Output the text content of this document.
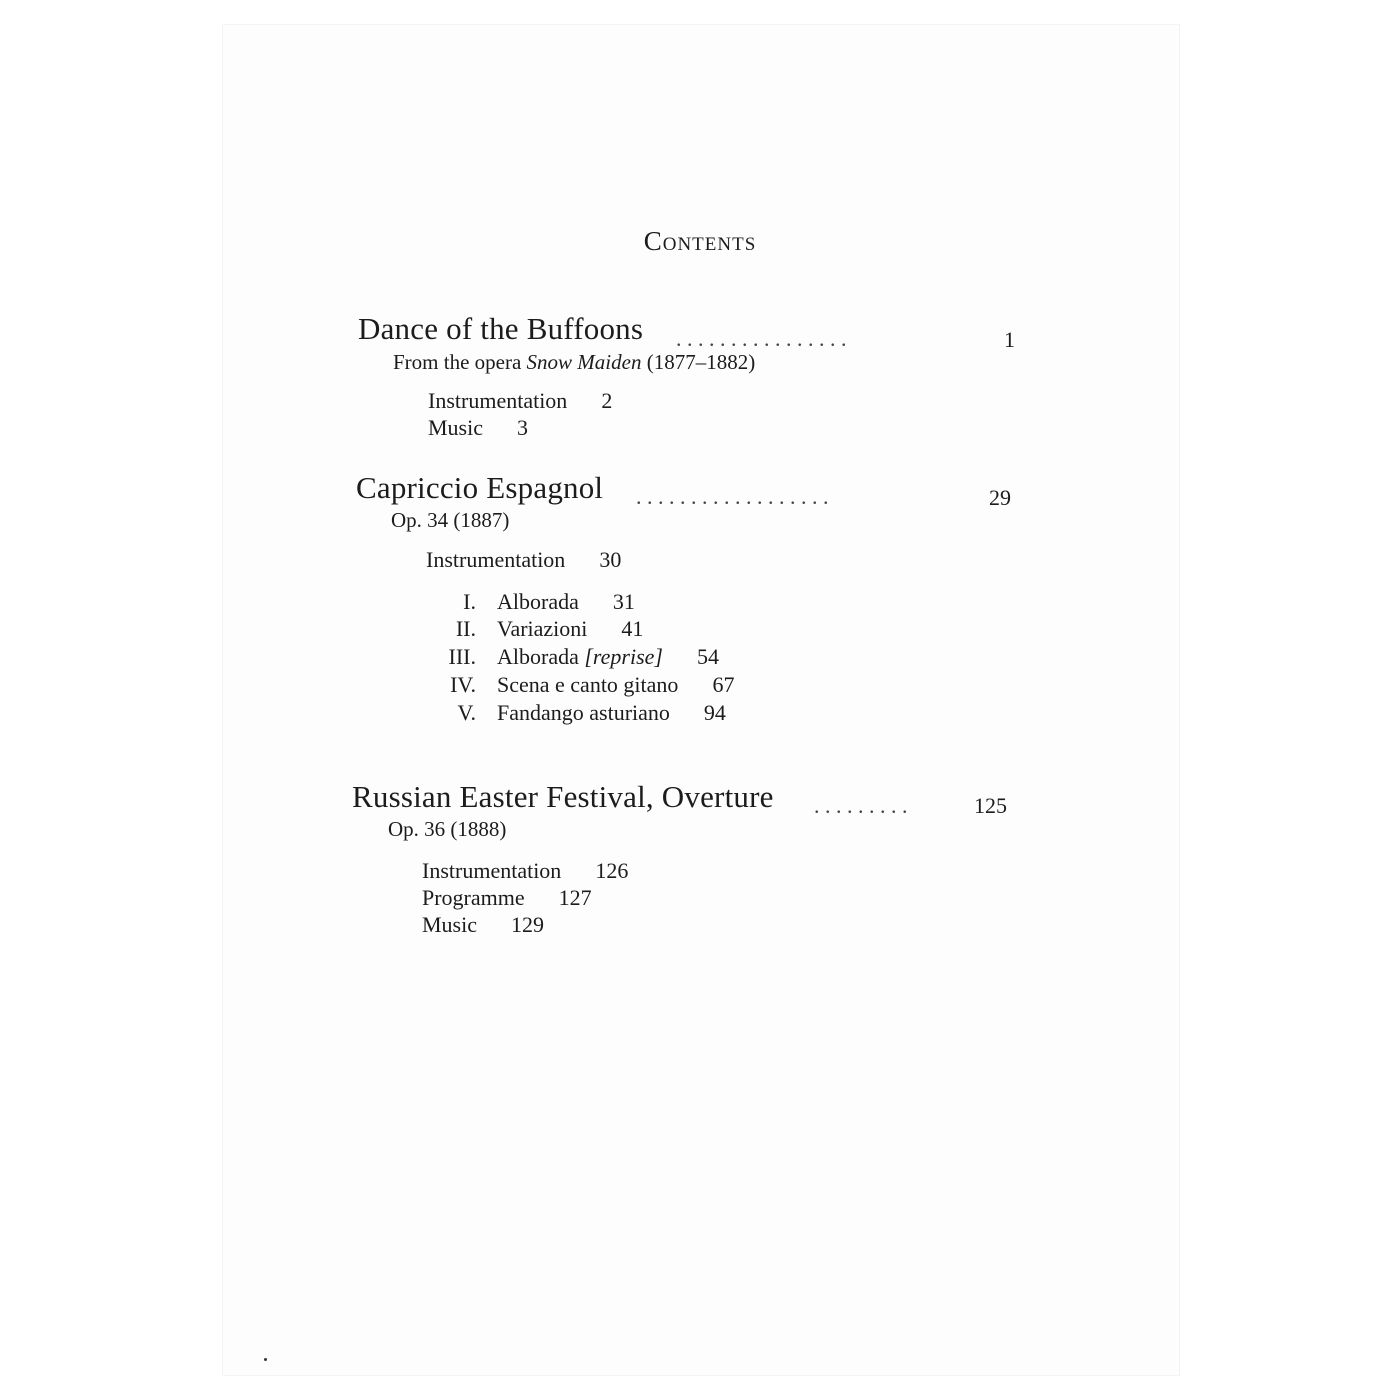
Contents
Dance of the Buffoons . . . . . . . . . . . . . . . .	1
From the opera Snow Maiden (1877–1882)
Instrumentation 2
Music 3
Capriccio Espagnol . . . . . . . . . . . . . . . . . .	29
Op. 34 (1887)
Instrumentation 30
I. Alborada 31
II. Variazioni 41
III. Alborada [reprise] 54
IV. Scena e canto gitano 67
V. Fandango asturiano 94
Russian Easter Festival, Overture . . . . . . . . .	125
Op. 36 (1888)
Instrumentation 126
Programme 127
Music 129
